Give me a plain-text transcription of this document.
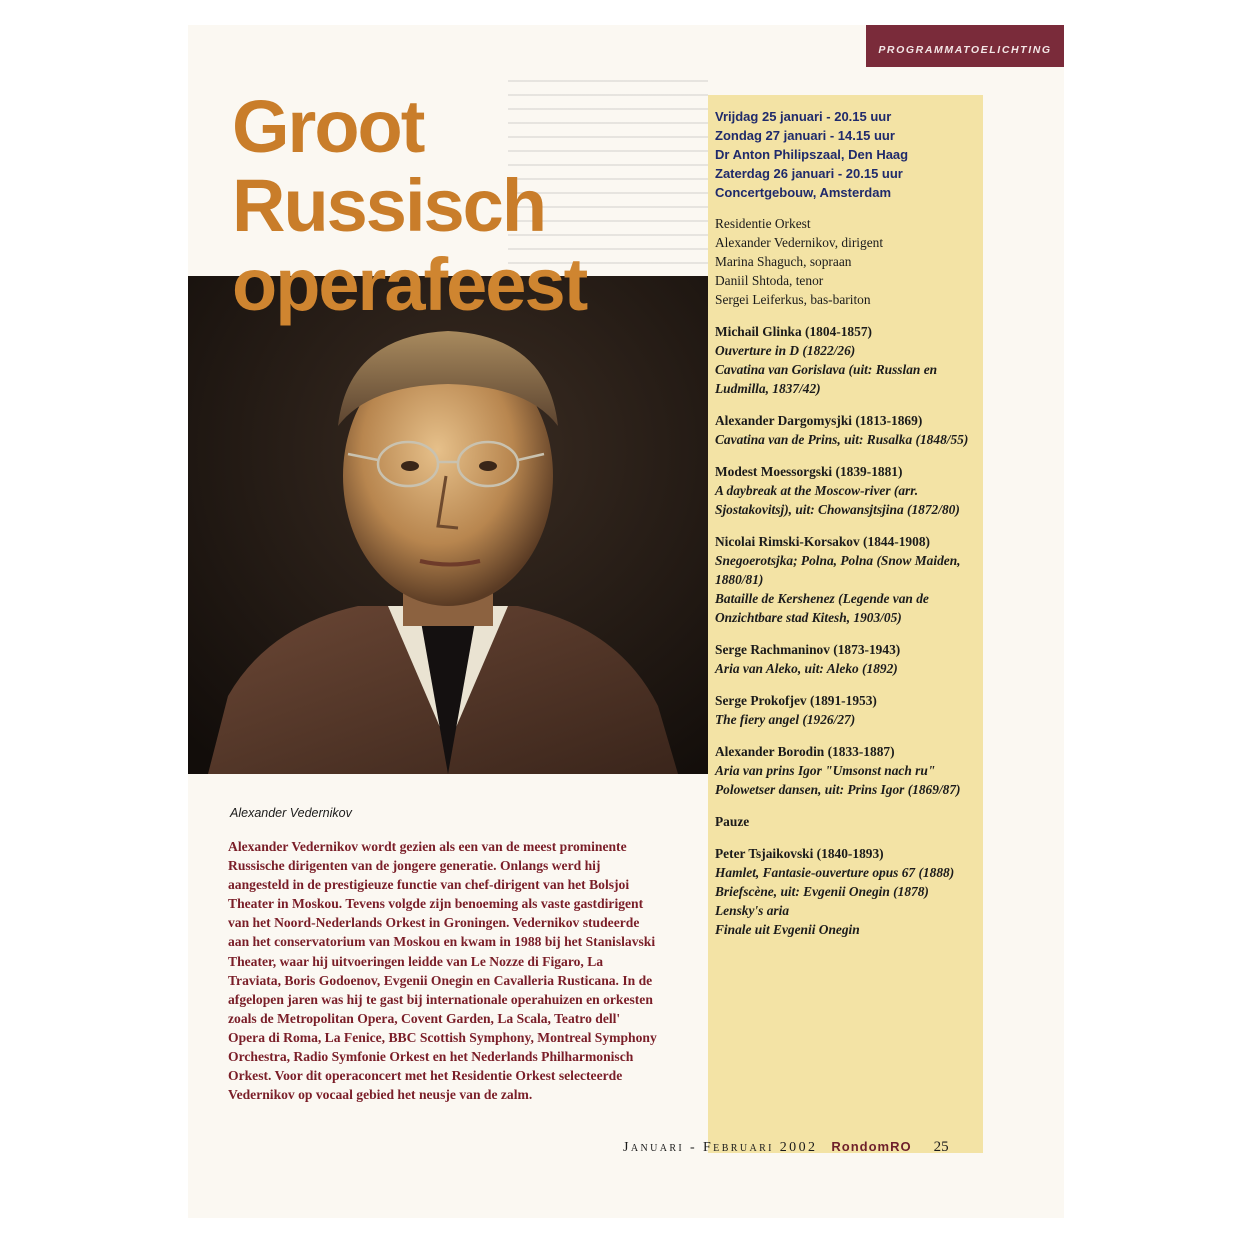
PROGRAMMATOELICHTING
Groot
Russisch
operafeest
Alexander Vedernikov
Alexander Vedernikov wordt gezien als een van de meest prominente Russische dirigenten van de jongere generatie. Onlangs werd hij aangesteld in de prestigieuze functie van chef-dirigent van het Bolsjoi Theater in Moskou. Tevens volgde zijn benoeming als vaste gastdirigent van het Noord-Nederlands Orkest in Groningen. Vedernikov studeerde aan het conservatorium van Moskou en kwam in 1988 bij het Stanislavski Theater, waar hij uitvoeringen leidde van Le Nozze di Figaro, La Traviata, Boris Godoenov, Evgenii Onegin en Cavalleria Rusticana. In de afgelopen jaren was hij te gast bij internationale operahuizen en orkesten zoals de Metropolitan Opera, Covent Garden, La Scala, Teatro dell' Opera di Roma, La Fenice, BBC Scottish Symphony, Montreal Symphony Orchestra, Radio Symfonie Orkest en het Nederlands Philharmonisch Orkest. Voor dit operaconcert met het Residentie Orkest selecteerde Vedernikov op vocaal gebied het neusje van de zalm.
Vrijdag 25 januari - 20.15 uur
Zondag 27 januari - 14.15 uur
Dr Anton Philipszaal, Den Haag
Zaterdag 26 januari - 20.15 uur
Concertgebouw, Amsterdam
Residentie Orkest
Alexander Vedernikov, dirigent
Marina Shaguch, sopraan
Daniil Shtoda, tenor
Sergei Leiferkus, bas-bariton
Michail Glinka (1804-1857)
Ouverture in D (1822/26)
Cavatina van Gorislava (uit: Russlan en Ludmilla, 1837/42)
Alexander Dargomysjki (1813-1869)
Cavatina van de Prins, uit: Rusalka (1848/55)
Modest Moessorgski (1839-1881)
A daybreak at the Moscow-river (arr. Sjostakovitsj), uit: Chowansjtsjina (1872/80)
Nicolai Rimski-Korsakov (1844-1908)
Snegoerotsjka; Polna, Polna (Snow Maiden, 1880/81)
Bataille de Kershenez (Legende van de Onzichtbare stad Kitesh, 1903/05)
Serge Rachmaninov (1873-1943)
Aria van Aleko, uit: Aleko (1892)
Serge Prokofjev (1891-1953)
The fiery angel (1926/27)
Alexander Borodin (1833-1887)
Aria van prins Igor "Umsonst nach ru"
Polowetser dansen, uit: Prins Igor (1869/87)
Pauze
Peter Tsjaikovski (1840-1893)
Hamlet, Fantasie-ouverture opus 67 (1888)
Briefscène, uit: Evgenii Onegin (1878)
Lensky's aria
Finale uit Evgenii Onegin
Januari - Februari 2002 RondomRO 25
